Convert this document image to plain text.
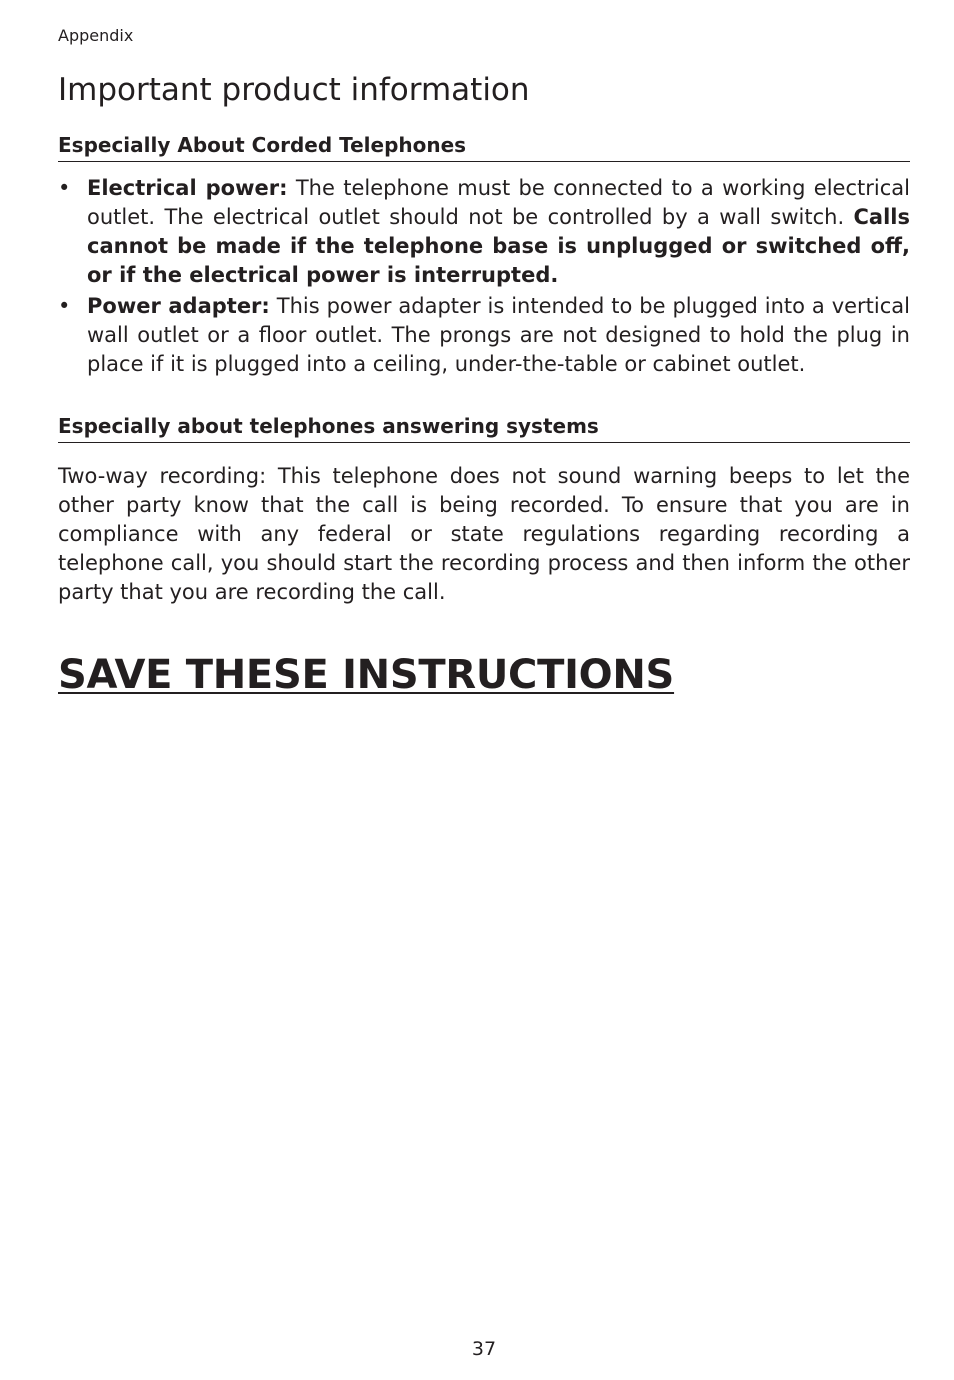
Appendix
Important product information
Especially About Corded Telephones
• Electrical power: The telephone must be connected to a working electrical outlet. The electrical outlet should not be controlled by a wall switch. Calls cannot be made if the telephone base is unplugged or switched off, or if the electrical power is interrupted.
• Power adapter: This power adapter is intended to be plugged into a vertical wall outlet or a floor outlet. The prongs are not designed to hold the plug in place if it is plugged into a ceiling, under-the-table or cabinet outlet.
Especially about telephones answering systems

Two-way recording: This telephone does not sound warning beeps to let the other party know that the call is being recorded. To ensure that you are in compliance with any federal or state regulations regarding recording a telephone call, you should start the recording process and then inform the other party that you are recording the call.

SAVE THESE INSTRUCTIONS
37
